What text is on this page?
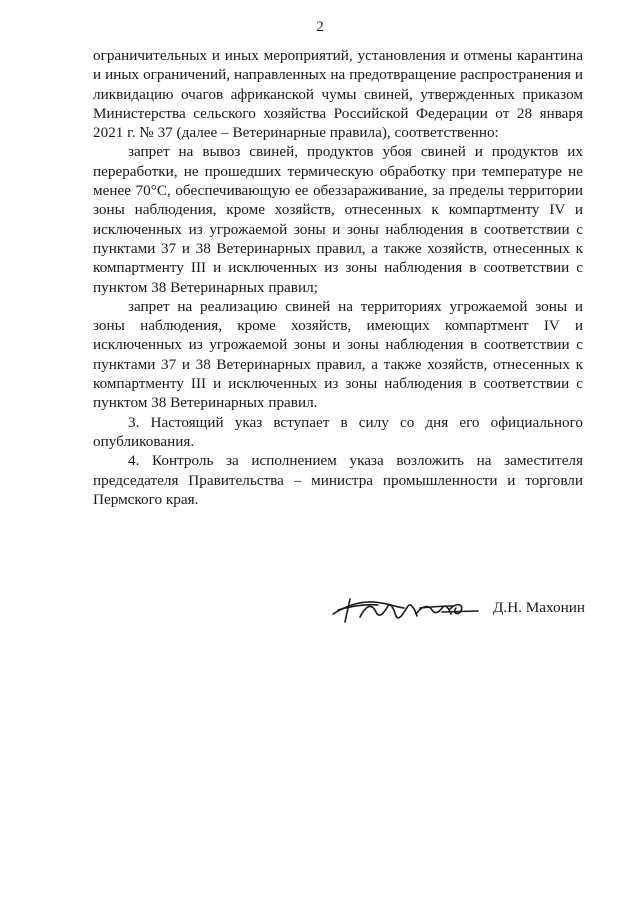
2

ограничительных и иных мероприятий, установления и отмены карантина и иных ограничений, направленных на предотвращение распространения и ликвидацию очагов африканской чумы свиней, утвержденных приказом Министерства сельского хозяйства Российской Федерации от 28 января 2021 г. № 37 (далее – Ветеринарные правила), соответственно:

запрет на вывоз свиней, продуктов убоя свиней и продуктов их переработки, не прошедших термическую обработку при температуре не менее 70°С, обеспечивающую ее обеззараживание, за пределы территории зоны наблюдения, кроме хозяйств, отнесенных к компартменту IV и исключенных из угрожаемой зоны и зоны наблюдения в соответствии с пунктами 37 и 38 Ветеринарных правил, а также хозяйств, отнесенных к компартменту III и исключенных из зоны наблюдения в соответствии с пунктом 38 Ветеринарных правил;

запрет на реализацию свиней на территориях угрожаемой зоны и зоны наблюдения, кроме хозяйств, имеющих компартмент IV и исключенных из угрожаемой зоны и зоны наблюдения в соответствии с пунктами 37 и 38 Ветеринарных правил, а также хозяйств, отнесенных к компартменту III и исключенных из зоны наблюдения в соответствии с пунктом 38 Ветеринарных правил.

3. Настоящий указ вступает в силу со дня его официального опубликования.

4. Контроль за исполнением указа возложить на заместителя председателя Правительства – министра промышленности и торговли Пермского края.

Д.Н. Махонин
